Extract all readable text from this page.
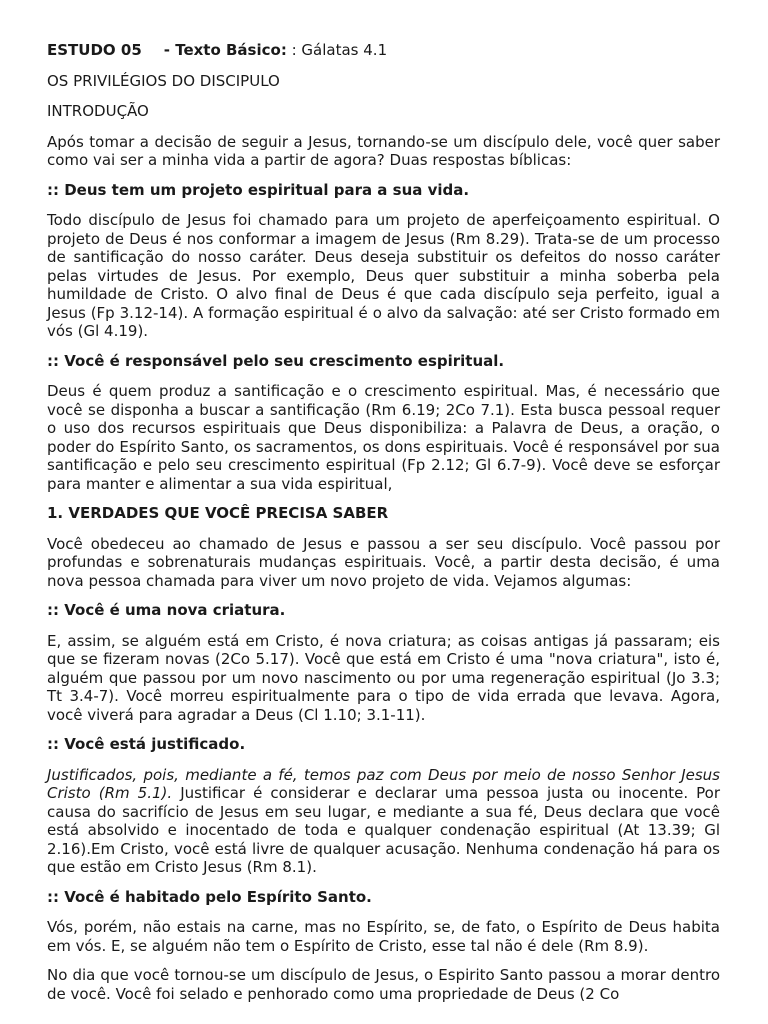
ESTUDO 05 - Texto Básico: : Gálatas 4.1
OS PRIVILÉGIOS DO DISCIPULO
INTRODUÇÃO

Após tomar a decisão de seguir a Jesus, tornando-se um discípulo dele, você quer saber como vai ser a minha vida a partir de agora? Duas respostas bíblicas:

:: Deus tem um projeto espiritual para a sua vida.

Todo discípulo de Jesus foi chamado para um projeto de aperfeiçoamento espiritual. O projeto de Deus é nos conformar a imagem de Jesus (Rm 8.29). Trata-se de um processo de santificação do nosso caráter. Deus deseja substituir os defeitos do nosso caráter pelas virtudes de Jesus. Por exemplo, Deus quer substituir a minha soberba pela humildade de Cristo. O alvo final de Deus é que cada discípulo seja perfeito, igual a Jesus (Fp 3.12-14). A formação espiritual é o alvo da salvação: até ser Cristo formado em vós (Gl 4.19).

:: Você é responsável pelo seu crescimento espiritual.

Deus é quem produz a santificação e o crescimento espiritual. Mas, é necessário que você se disponha a buscar a santificação (Rm 6.19; 2Co 7.1). Esta busca pessoal requer o uso dos recursos espirituais que Deus disponibiliza: a Palavra de Deus, a oração, o poder do Espírito Santo, os sacramentos, os dons espirituais. Você é responsável por sua santificação e pelo seu crescimento espiritual (Fp 2.12; Gl 6.7-9). Você deve se esforçar para manter e alimentar a sua vida espiritual,

1. VERDADES QUE VOCÊ PRECISA SABER

Você obedeceu ao chamado de Jesus e passou a ser seu discípulo. Você passou por profundas e sobrenaturais mudanças espirituais. Você, a partir desta decisão, é uma nova pessoa chamada para viver um novo projeto de vida. Vejamos algumas:

:: Você é uma nova criatura.

E, assim, se alguém está em Cristo, é nova criatura; as coisas antigas já passaram; eis que se fizeram novas (2Co 5.17). Você que está em Cristo é uma "nova criatura", isto é, alguém que passou por um novo nascimento ou por uma regeneração espiritual (Jo 3.3; Tt 3.4-7). Você morreu espiritualmente para o tipo de vida errada que levava. Agora, você viverá para agradar a Deus (Cl 1.10; 3.1-11).

:: Você está justificado.

Justificados, pois, mediante a fé, temos paz com Deus por meio de nosso Senhor Jesus Cristo (Rm 5.1). Justificar é considerar e declarar uma pessoa justa ou inocente. Por causa do sacrifício de Jesus em seu lugar, e mediante a sua fé, Deus declara que você está absolvido e inocentado de toda e qualquer condenação espiritual (At 13.39; Gl 2.16).Em Cristo, você está livre de qualquer acusação. Nenhuma condenação há para os que estão em Cristo Jesus (Rm 8.1).

:: Você é habitado pelo Espírito Santo.

Vós, porém, não estais na carne, mas no Espírito, se, de fato, o Espírito de Deus habita em vós. E, se alguém não tem o Espírito de Cristo, esse tal não é dele (Rm 8.9).

No dia que você tornou-se um discípulo de Jesus, o Espirito Santo passou a morar dentro de você. Você foi selado e penhorado como uma propriedade de Deus (2 Co
